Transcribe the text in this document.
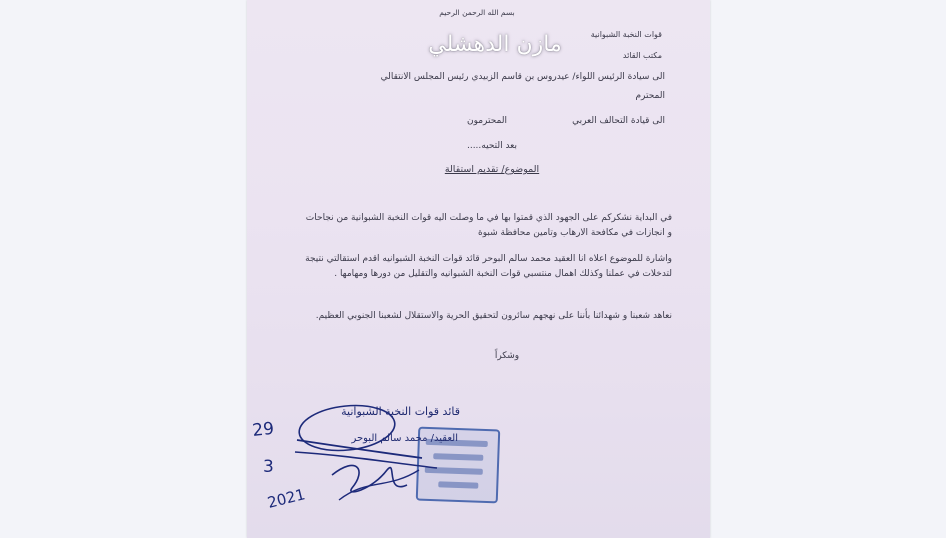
بسم الله الرحمن الرحيم
قوات النخبة الشبوانية
مكتب القائد
مازن الدهشلي
الى سيادة الرئيس اللواء/ عيدروس بن قاسم الزبيدي رئيس المجلس الانتقالي
المحترم
الى قيادة التحالف العربي
المحترمون
بعد التحيه.....
الموضوع/ تقديم استقالة
في البداية نشكركم على الجهود الذي قمتوا بها في ما وصلت اليه قوات النخبة الشبوانية من نجاحات و انجازات في مكافحة الارهاب وتامين محافظة شبوة
واشارة للموضوع اعلاه انا العقيد محمد سالم البوحر قائد قوات النخبة الشبوانيه اقدم استقالتي نتيجة لتدخلات في عملنا وكذلك اهمال منتسبي قوات النخبة الشبوانيه والتقليل من دورها ومهامها .
نعاهد شعبنا و شهدائنا بأننا على نهجهم سائرون لتحقيق الحرية والاستقلال لشعبنا الجنوبي العظيم.
وشكراً
قائد قوات النخبة الشبوانية
العقيد/ محمد سالم البوحر
29
3
2021
